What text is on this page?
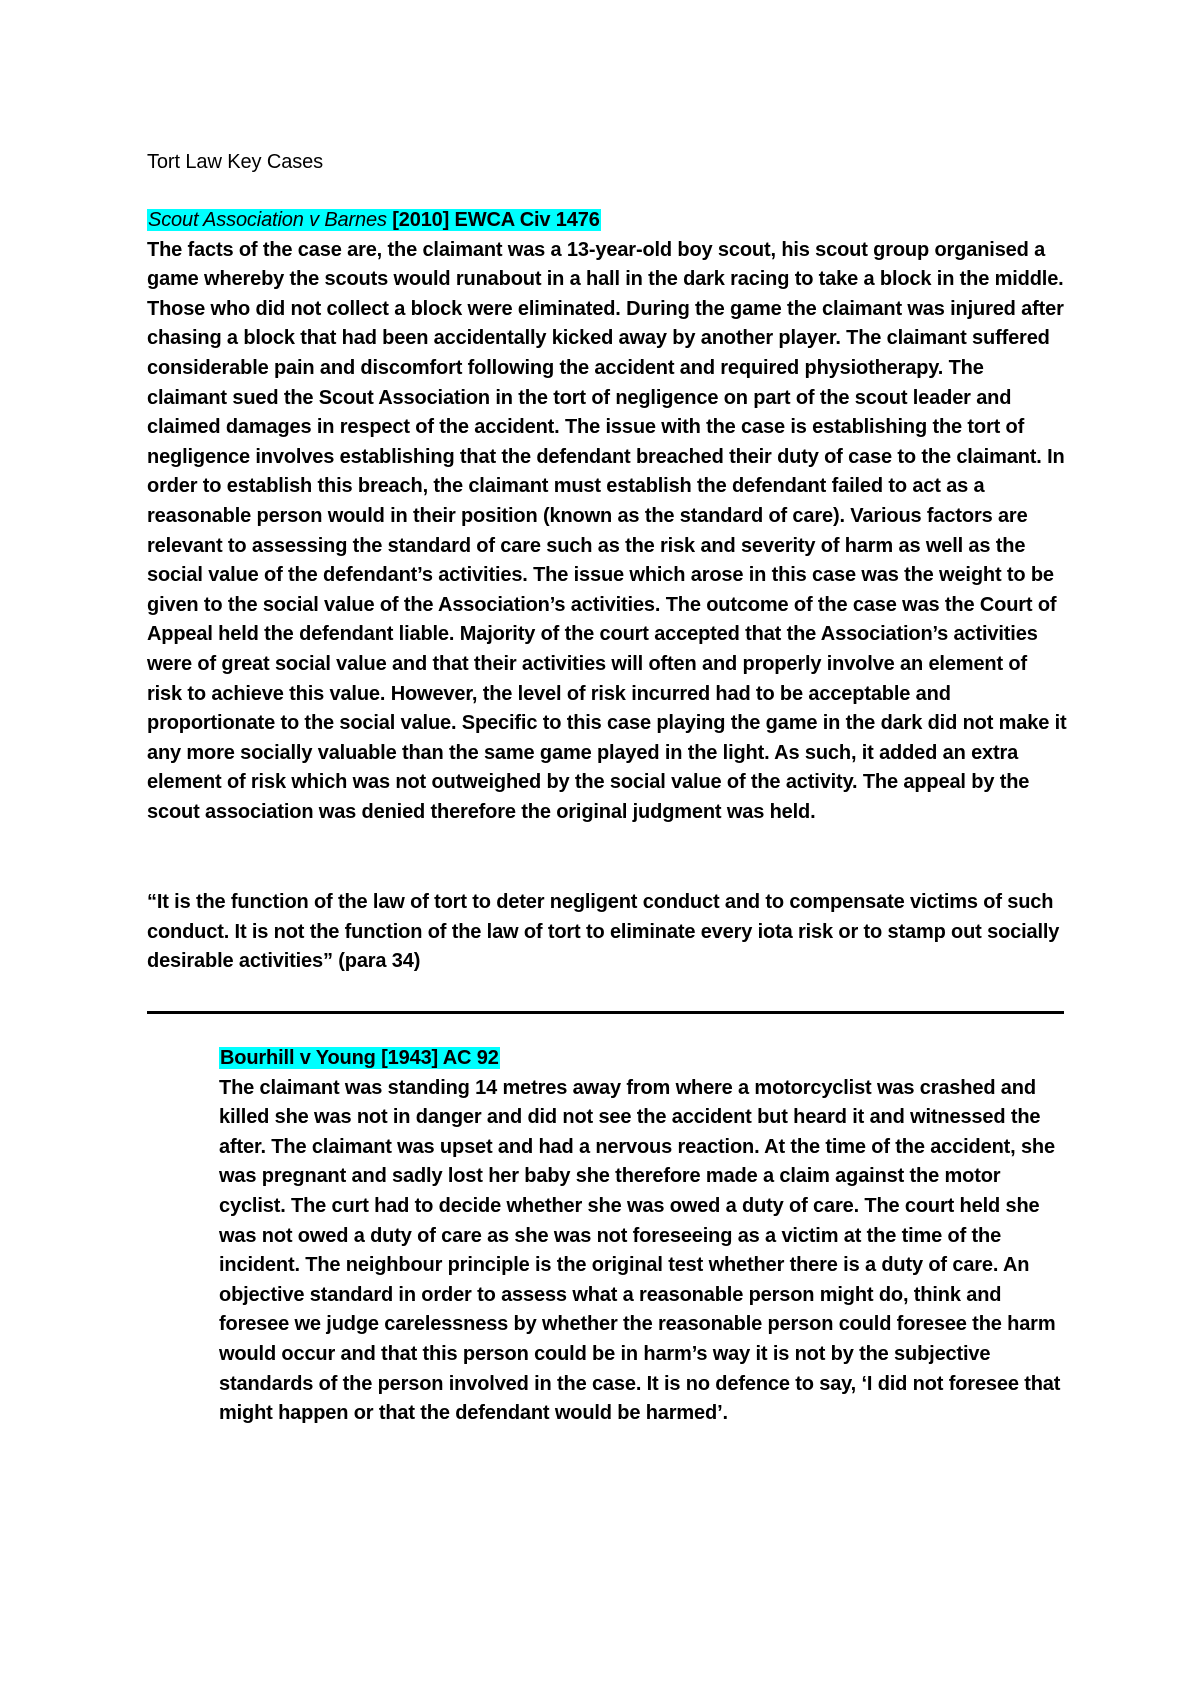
Tort Law Key Cases
Scout Association v Barnes [2010] EWCA Civ 1476
The facts of the case are, the claimant was a 13-year-old boy scout, his scout group organised a game whereby the scouts would runabout in a hall in the dark racing to take a block in the middle. Those who did not collect a block were eliminated. During the game the claimant was injured after chasing a block that had been accidentally kicked away by another player. The claimant suffered considerable pain and discomfort following the accident and required physiotherapy. The claimant sued the Scout Association in the tort of negligence on part of the scout leader and claimed damages in respect of the accident. The issue with the case is establishing the tort of negligence involves establishing that the defendant breached their duty of case to the claimant. In order to establish this breach, the claimant must establish the defendant failed to act as a reasonable person would in their position (known as the standard of care). Various factors are relevant to assessing the standard of care such as the risk and severity of harm as well as the social value of the defendant’s activities. The issue which arose in this case was the weight to be given to the social value of the Association’s activities. The outcome of the case was the Court of Appeal held the defendant liable. Majority of the court accepted that the Association’s activities were of great social value and that their activities will often and properly involve an element of risk to achieve this value. However, the level of risk incurred had to be acceptable and proportionate to the social value. Specific to this case playing the game in the dark did not make it any more socially valuable than the same game played in the light. As such, it added an extra element of risk which was not outweighed by the social value of the activity. The appeal by the scout association was denied therefore the original judgment was held.
“It is the function of the law of tort to deter negligent conduct and to compensate victims of such conduct. It is not the function of the law of tort to eliminate every iota risk or to stamp out socially desirable activities” (para 34)
Bourhill v Young [1943] AC 92
The claimant was standing 14 metres away from where a motorcyclist was crashed and killed she was not in danger and did not see the accident but heard it and witnessed the after. The claimant was upset and had a nervous reaction. At the time of the accident, she was pregnant and sadly lost her baby she therefore made a claim against the motor cyclist. The curt had to decide whether she was owed a duty of care. The court held she was not owed a duty of care as she was not foreseeing as a victim at the time of the incident. The neighbour principle is the original test whether there is a duty of care. An objective standard in order to assess what a reasonable person might do, think and foresee we judge carelessness by whether the reasonable person could foresee the harm would occur and that this person could be in harm’s way it is not by the subjective standards of the person involved in the case. It is no defence to say, ‘I did not foresee that might happen or that the defendant would be harmed’.
